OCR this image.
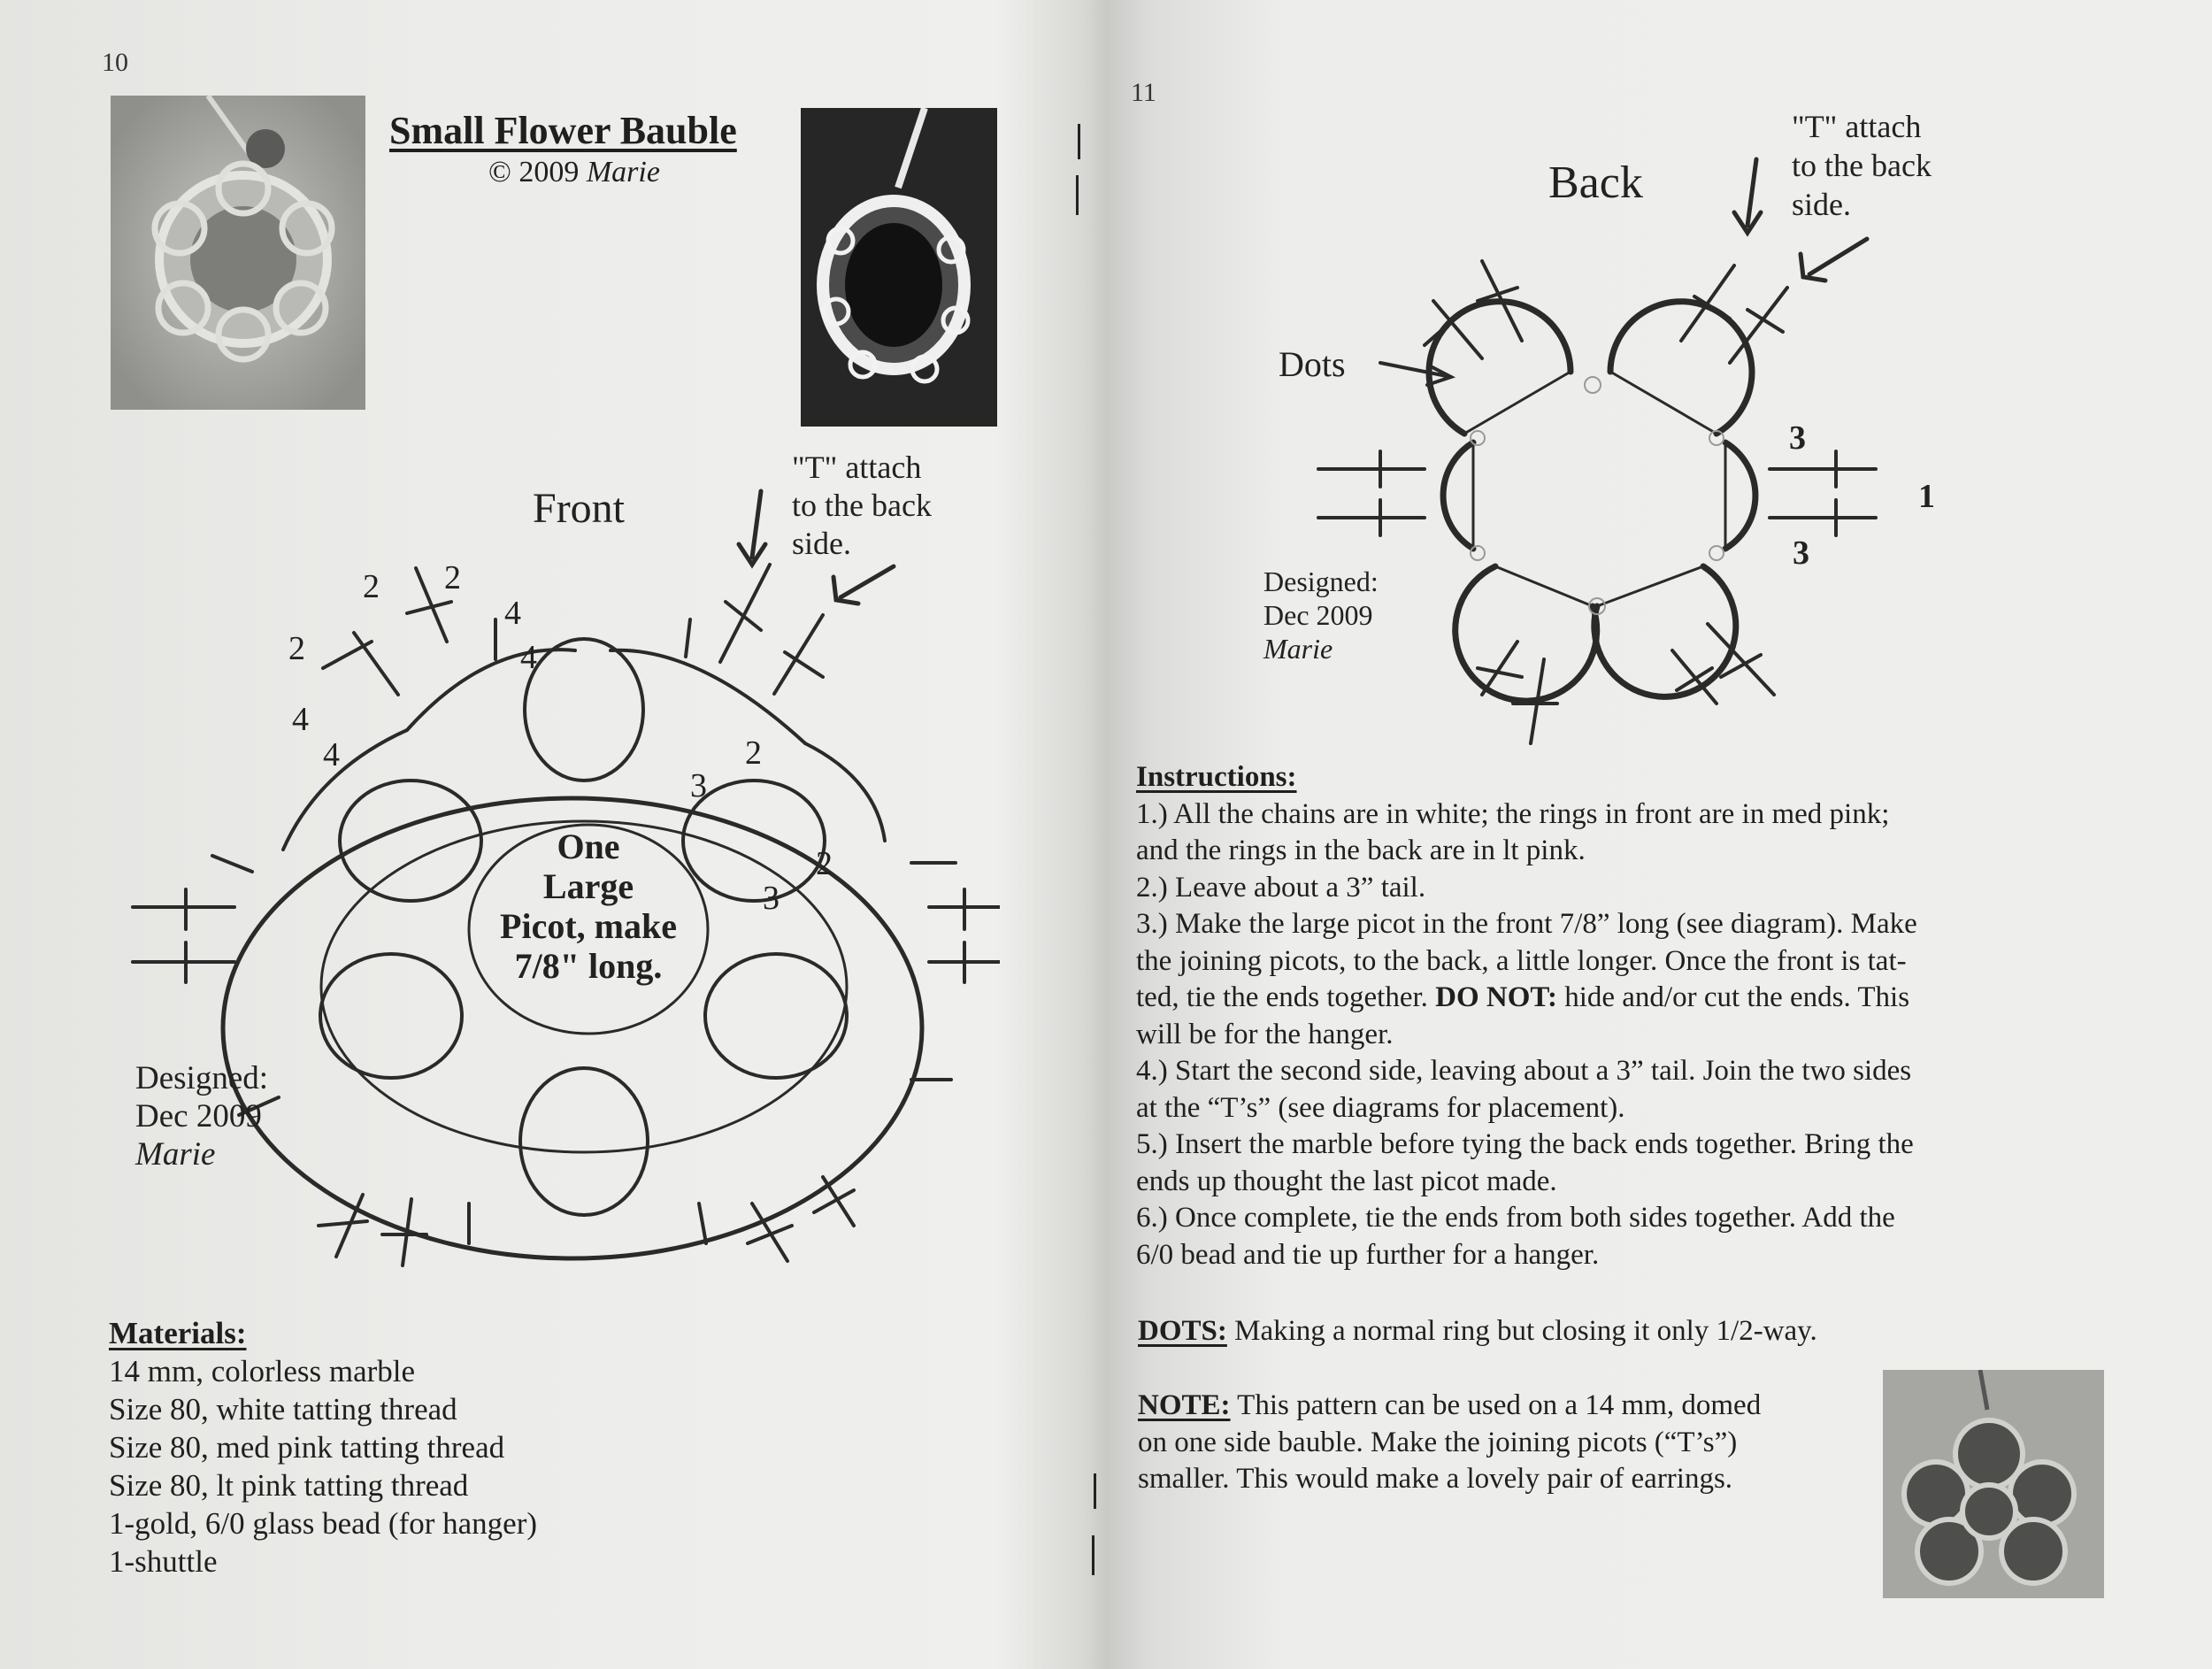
10
Small Flower Bauble
© 2009 Marie
Front
"T" attach
to the back
side.
One
Large
Picot, make
7/8" long.
2 2
2
4
4
4
4
3
2
3
2
Designed:
Dec 2009
Marie
Materials:
14 mm, colorless marble
Size 80, white tatting thread
Size 80, med pink tatting thread
Size 80, lt pink tatting thread
1-gold, 6/0 glass bead (for hanger)
1-shuttle
11
Back
Dots
"T" attach
to the back
side.
3
1
3
Designed:
Dec 2009
Marie

Instructions:

1.) All the chains are in white; the rings in front are in med pink;

and the rings in the back are in lt pink.

2.) Leave about a 3” tail.

3.) Make the large picot in the front 7/8” long (see diagram). Make

the joining picots, to the back, a little longer. Once the front is tat-

ted, tie the ends together. DO NOT: hide and/or cut the ends. This

will be for the hanger.

4.) Start the second side, leaving about a 3” tail. Join the two sides

at the “T’s” (see diagrams for placement).

5.) Insert the marble before tying the back ends together. Bring the

ends up thought the last picot made.

6.) Once complete, tie the ends from both sides together. Add the

6/0 bead and tie up further for a hanger.

DOTS: Making a normal ring but closing it only 1/2-way.

NOTE: This pattern can be used on a 14 mm, domed

on one side bauble. Make the joining picots (“T’s”)

smaller. This would make a lovely pair of earrings.
